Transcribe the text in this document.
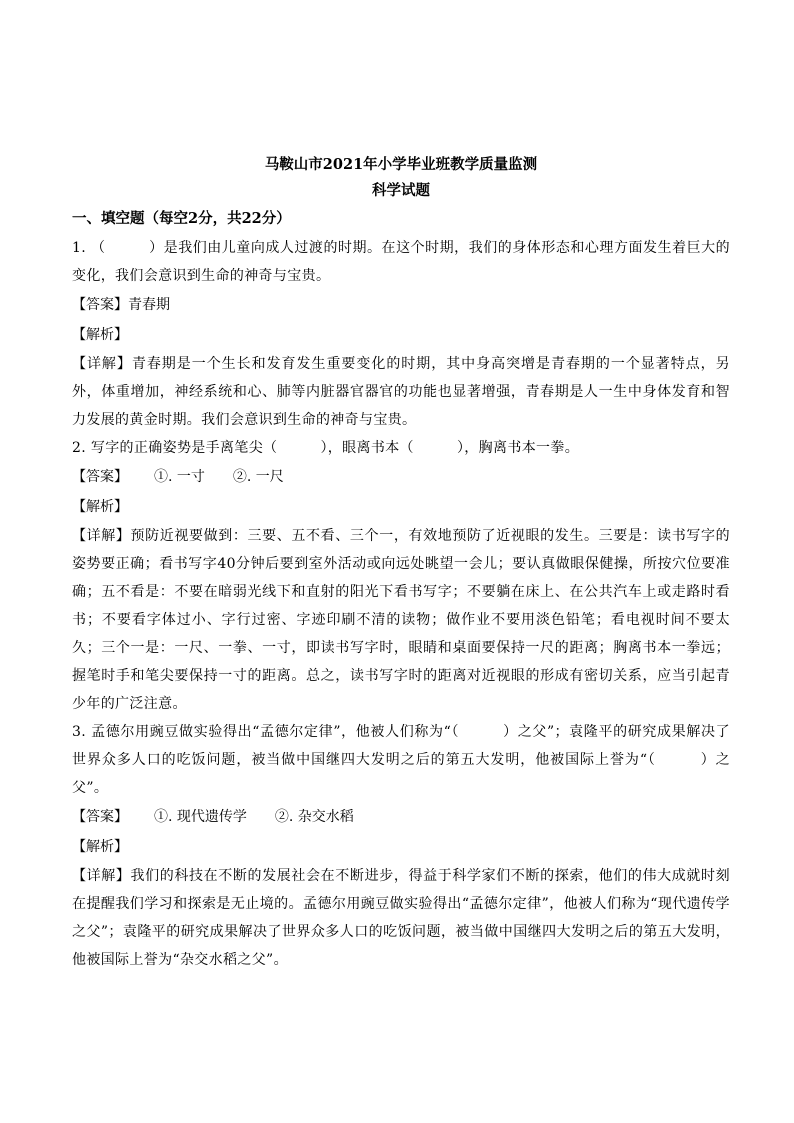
马鞍山市2021年小学毕业班教学质量监测

科学试题

一、填空题（每空2分，共22分）

1. （　　　）是我们由儿童向成人过渡的时期。在这个时期，我们的身体形态和心理方面发生着巨大的变化，我们会意识到生命的神奇与宝贵。

【答案】青春期

【解析】

【详解】青春期是一个生长和发育发生重要变化的时期，其中身高突增是青春期的一个显著特点，另外，体重增加，神经系统和心、肺等内脏器官器官的功能也显著增强，青春期是人一生中身体发育和智力发展的黄金时期。我们会意识到生命的神奇与宝贵。

2. 写字的正确姿势是手离笔尖（　　　），眼离书本（　　　），胸离书本一拳。

【答案】 ①. 一寸 ②. 一尺

【解析】

【详解】预防近视要做到：三要、五不看、三个一，有效地预防了近视眼的发生。三要是：读书写字的姿势要正确；看书写字40分钟后要到室外活动或向远处眺望一会儿；要认真做眼保健操，所按穴位要准确；五不看是：不要在暗弱光线下和直射的阳光下看书写字；不要躺在床上、在公共汽车上或走路时看书；不要看字体过小、字行过密、字迹印刷不清的读物；做作业不要用淡色铅笔；看电视时间不要太久；三个一是：一尺、一拳、一寸，即读书写字时，眼睛和桌面要保持一尺的距离；胸离书本一拳远；握笔时手和笔尖要保持一寸的距离。总之，读书写字时的距离对近视眼的形成有密切关系，应当引起青少年的广泛注意。

3. 孟德尔用豌豆做实验得出“孟德尔定律”，他被人们称为“（　　　）之父”；袁隆平的研究成果解决了世界众多人口的吃饭问题，被当做中国继四大发明之后的第五大发明，他被国际上誉为“（　　　）之父”。

【答案】 ①. 现代遗传学 ②. 杂交水稻

【解析】

【详解】我们的科技在不断的发展社会在不断进步，得益于科学家们不断的探索，他们的伟大成就时刻在提醒我们学习和探索是无止境的。孟德尔用豌豆做实验得出“孟德尔定律”，他被人们称为“现代遗传学之父”；袁隆平的研究成果解决了世界众多人口的吃饭问题，被当做中国继四大发明之后的第五大发明，他被国际上誉为“杂交水稻之父”。
